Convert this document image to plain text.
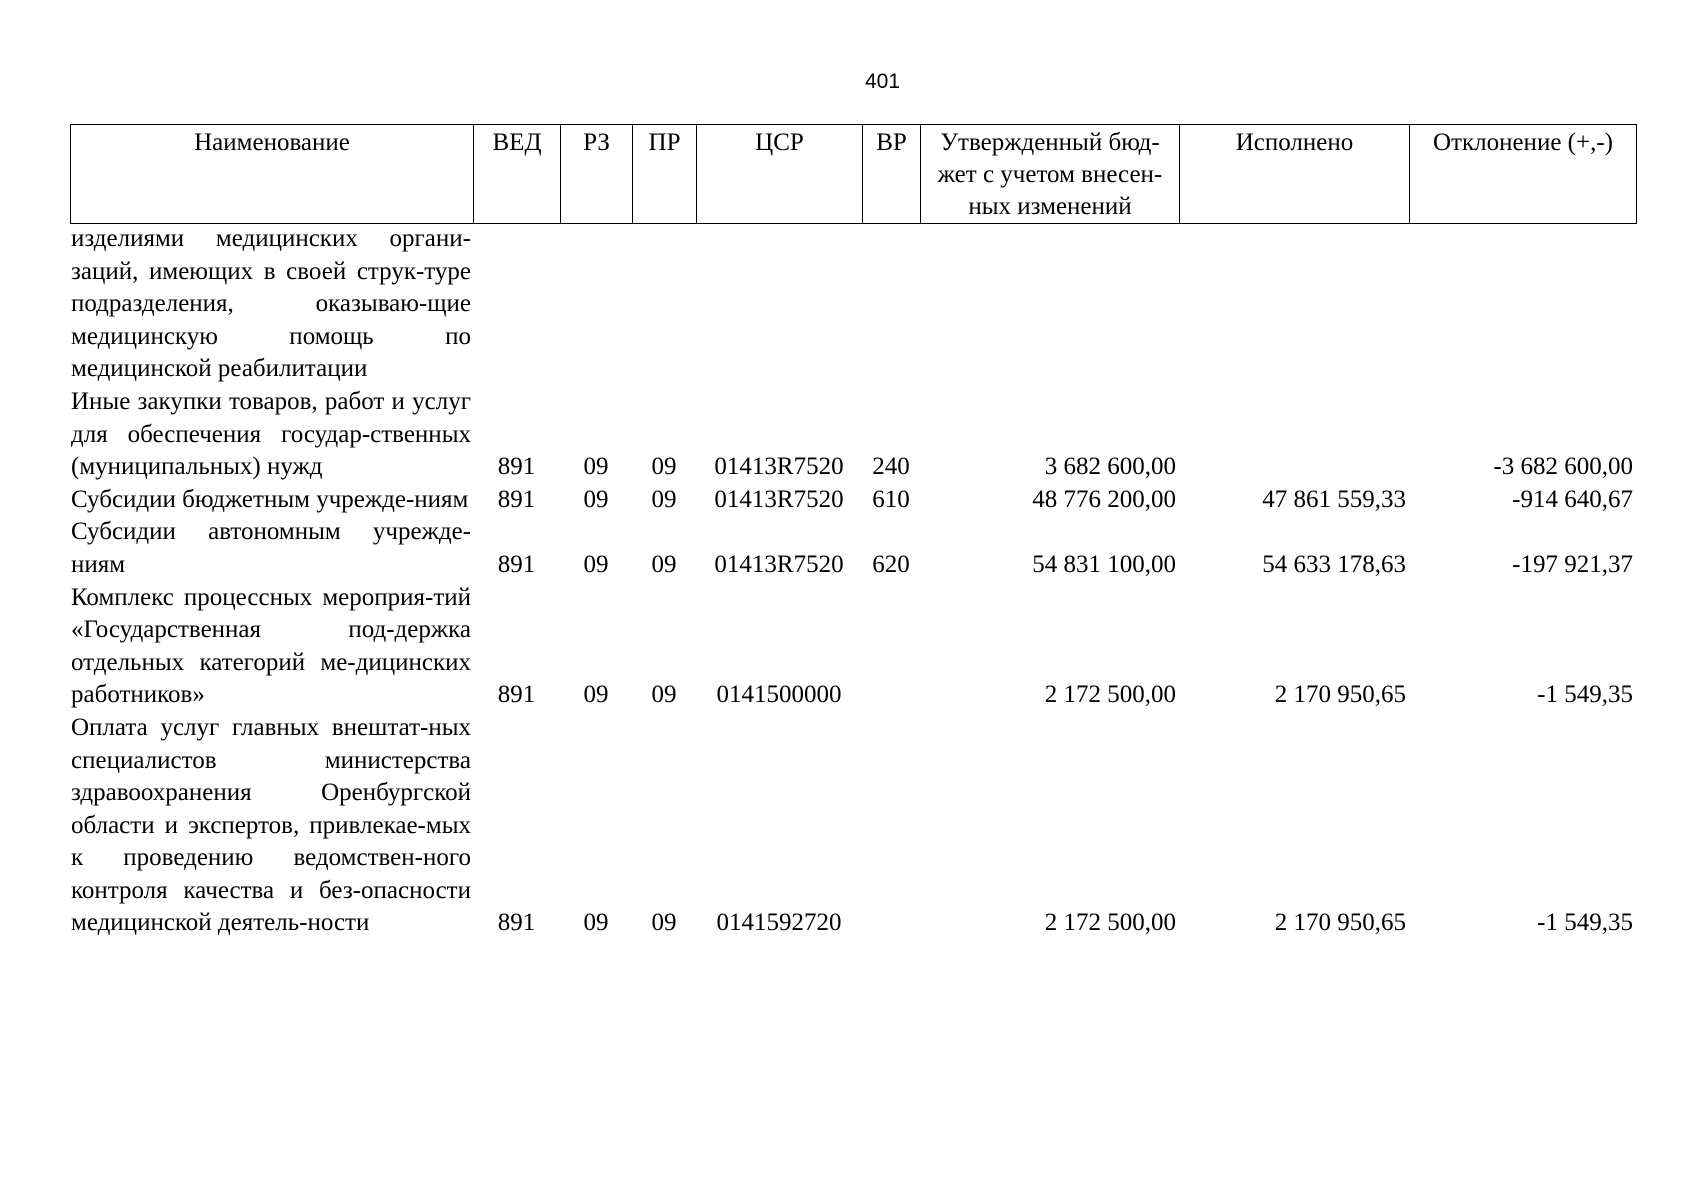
401
Наименование	ВЕД	РЗ	ПР	ЦСР	ВР	Утвержденный бюд-жет с учетом внесен-ных изменений	Исполнено	Отклонение (+,-)
изделиями медицинских органи-заций, имеющих в своей струк-туре подразделения, оказываю-щие медицинскую помощь по медицинской реабилитации								
Иные закупки товаров, работ и услуг для обеспечения государ-ственных (муниципальных) нужд	891	09	09	01413R7520	240	3 682 600,00		-3 682 600,00
Субсидии бюджетным учрежде-ниям	891	09	09	01413R7520	610	48 776 200,00	47 861 559,33	-914 640,67
Субсидии автономным учрежде-ниям	891	09	09	01413R7520	620	54 831 100,00	54 633 178,63	-197 921,37
Комплекс процессных мероприя-тий «Государственная под-держка отдельных категорий ме-дицинских работников»	891	09	09	0141500000		2 172 500,00	2 170 950,65	-1 549,35
Оплата услуг главных внештат-ных специалистов министерства здравоохранения Оренбургской области и экспертов, привлекае-мых к проведению ведомствен-ного контроля качества и без-опасности медицинской деятель-ности	891	09	09	0141592720		2 172 500,00	2 170 950,65	-1 549,35
